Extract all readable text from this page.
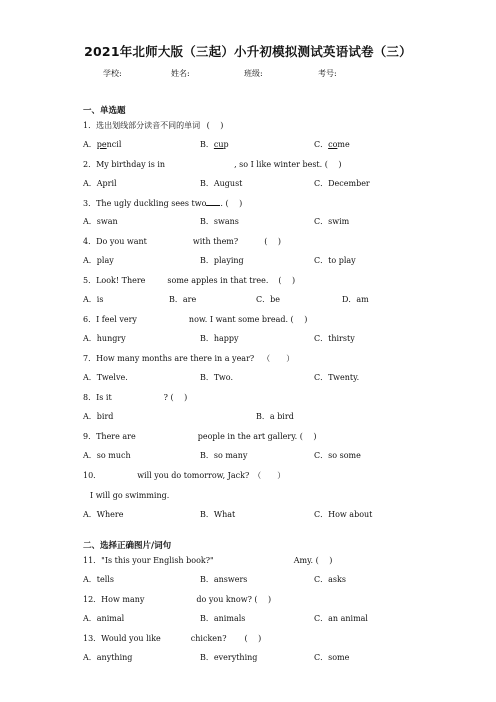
2021年北师大版（三起）小升初模拟测试英语试卷（三）
学校:	姓名:	班级:	考号:
一、单选题
1．选出划线部分读音不同的单词 (　 )
A．pencil	B．cup	C．come
2．My birthday is in	, so I like winter best. (　 )
A．April	B．August	C．December
3．The ugly duckling sees two . (　 )
A．swan	B．swans	C．swim
4．Do you want	with them?	(　 )
A．play	B．playing	C．to play
5．Look! There	some apples in that tree. (　 )
A．is	B．are	C．be	D．am
6．I feel very	now. I want some bread. (　 )
A．hungry	B．happy	C．thirsty
7．How many months are there in a year? （　　）
A．Twelve.	B．Two.	C．Twenty.
8．Is it	? (　 )
A．bird	B．a bird
9．There are	people in the art gallery. (　 )
A．so much	B．so many	C．so some
10．	will you do tomorrow, Jack? （　　）
I will go swimming.
A．Where	B．What	C．How about
二、选择正确图片/词句
11．"Is this your English book?"	Amy. (　 )
A．tells	B．answers	C．asks
12．How many	do you know? (　 )
A．animal	B．animals	C．an animal
13．Would you like	chicken? (　 )
A．anything	B．everything	C．some
